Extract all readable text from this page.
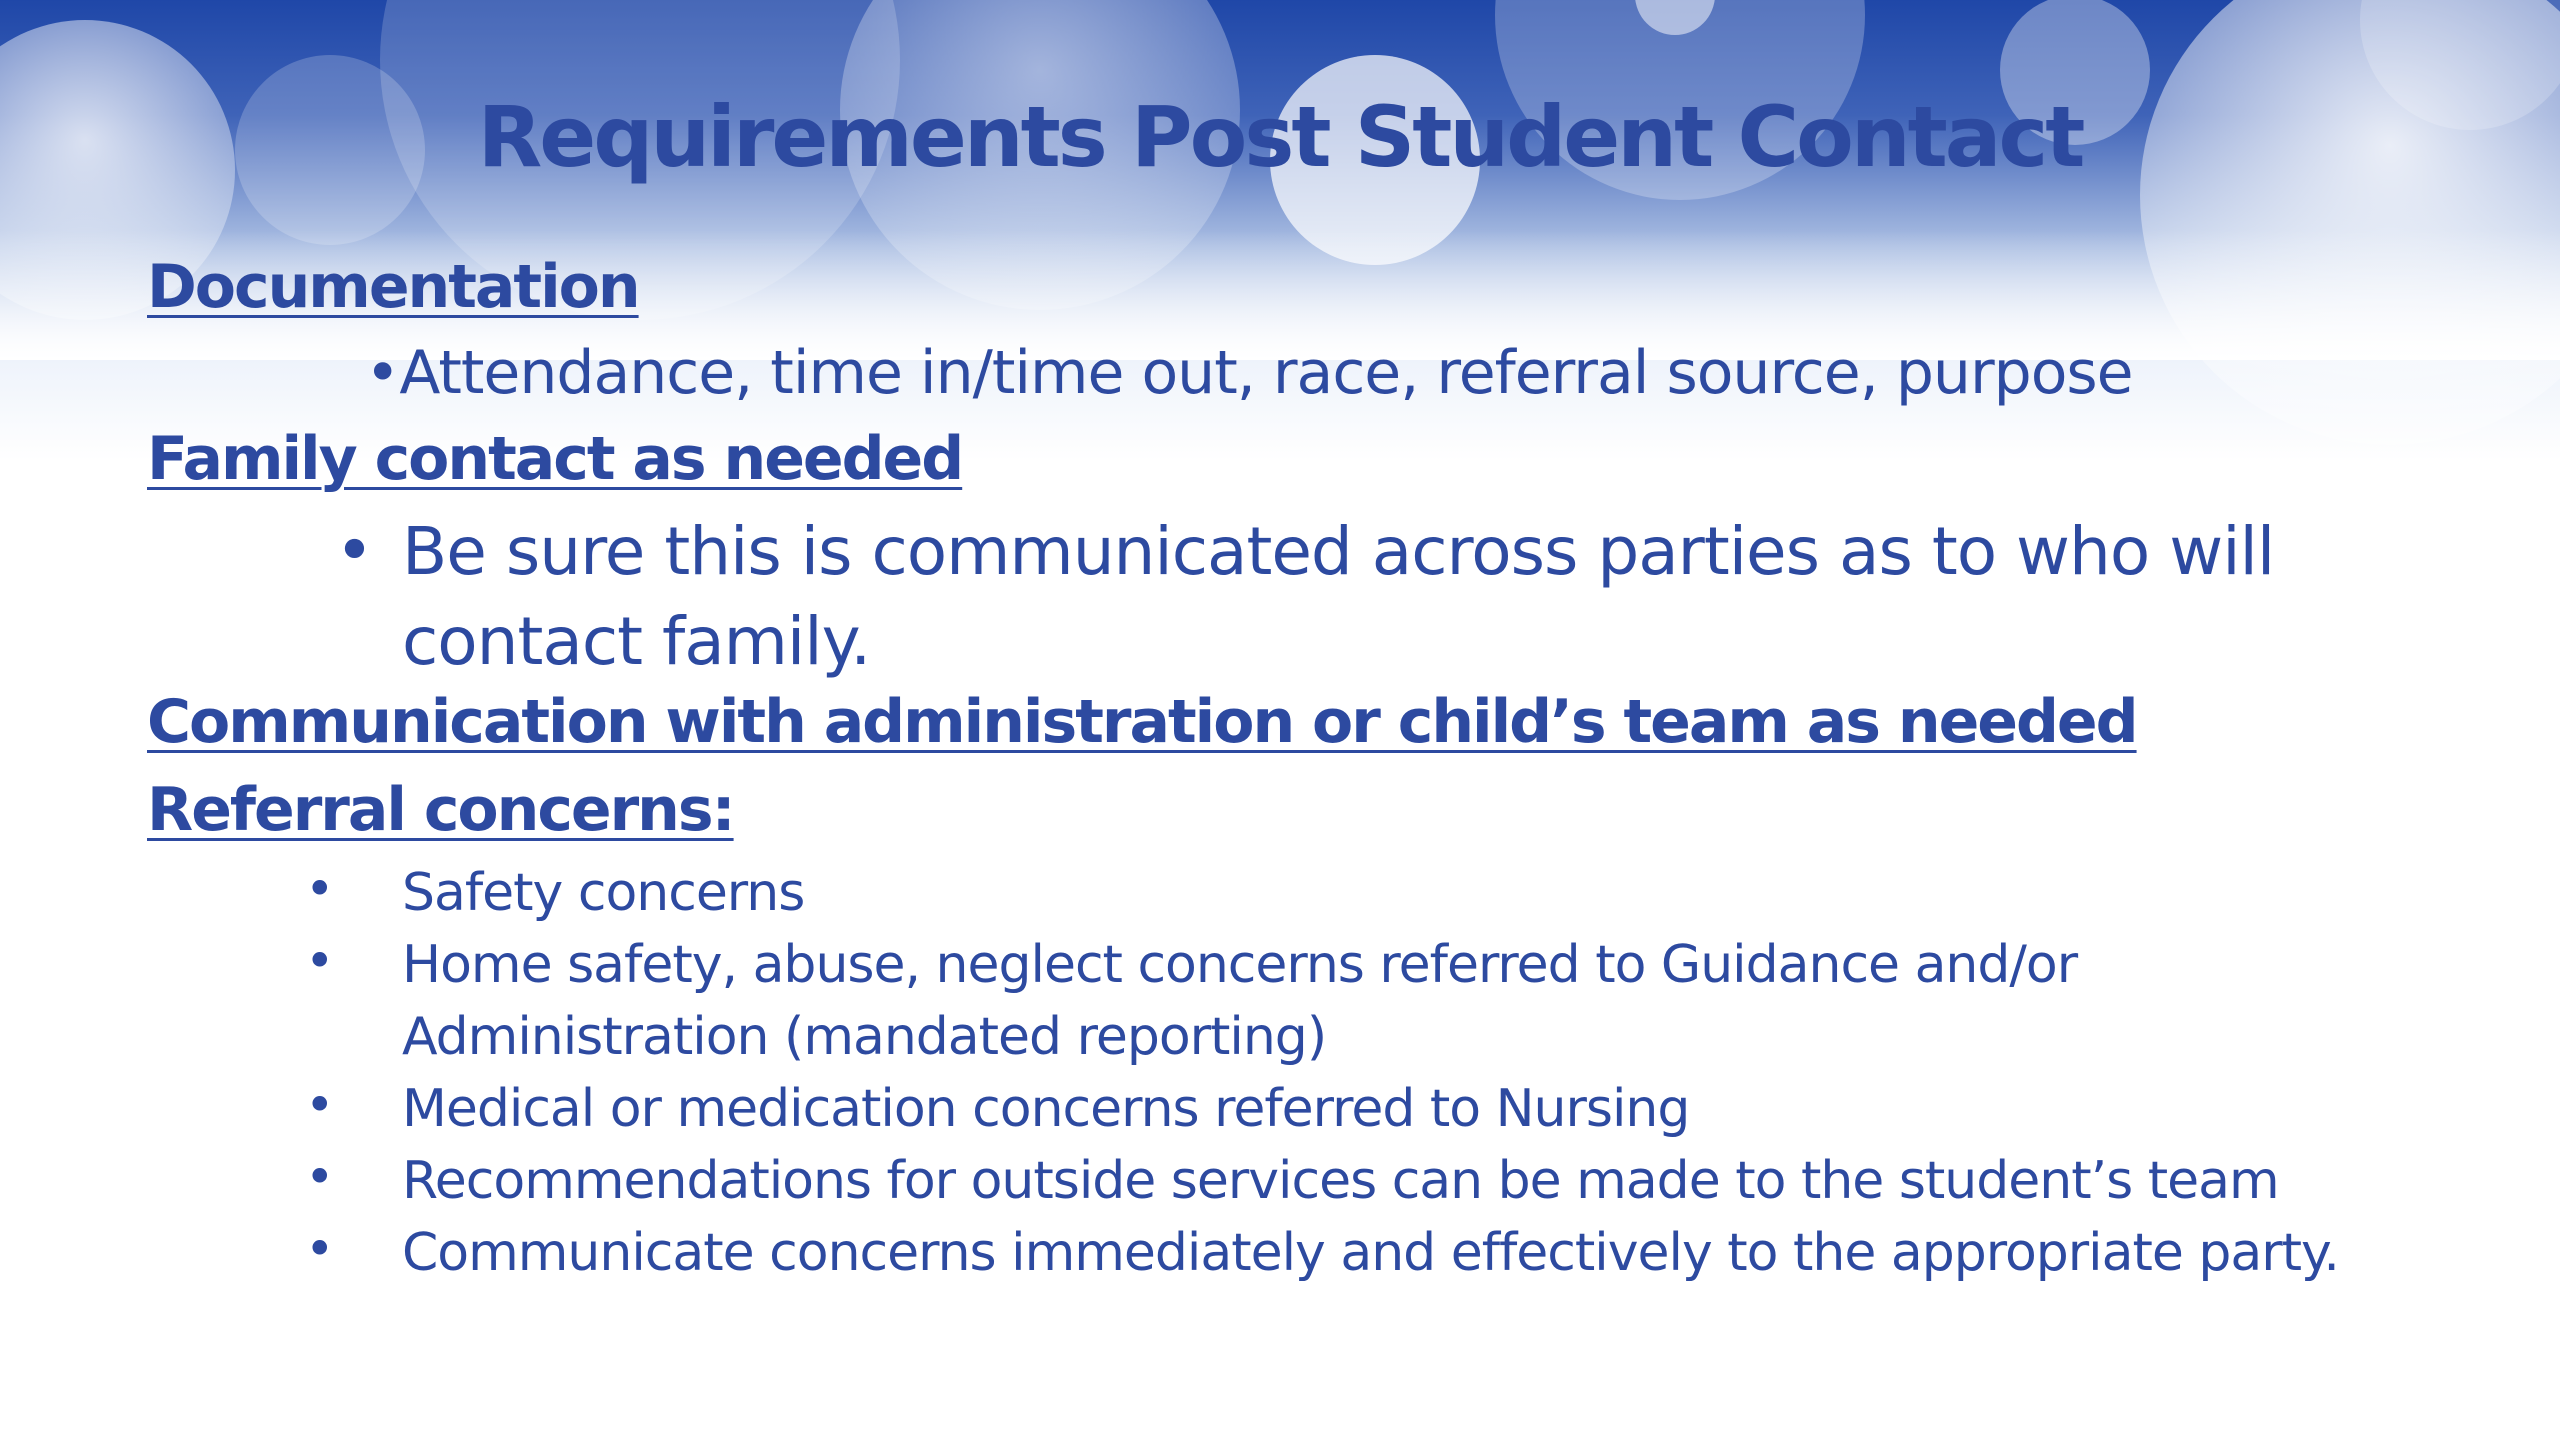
Requirements Post Student Contact
Documentation

•Attendance, time in/time out, race, referral source, purpose

Family contact as needed
• Be sure this is communicated across parties as to who will

contact family.

Communication with administration or child’s team as needed
Referral concerns:
• Safety concerns

• Home safety, abuse, neglect concerns referred to Guidance and/or

Administration (mandated reporting)

• Medical or medication concerns referred to Nursing

• Recommendations for outside services can be made to the student’s team

• Communicate concerns immediately and effectively to the appropriate party.
